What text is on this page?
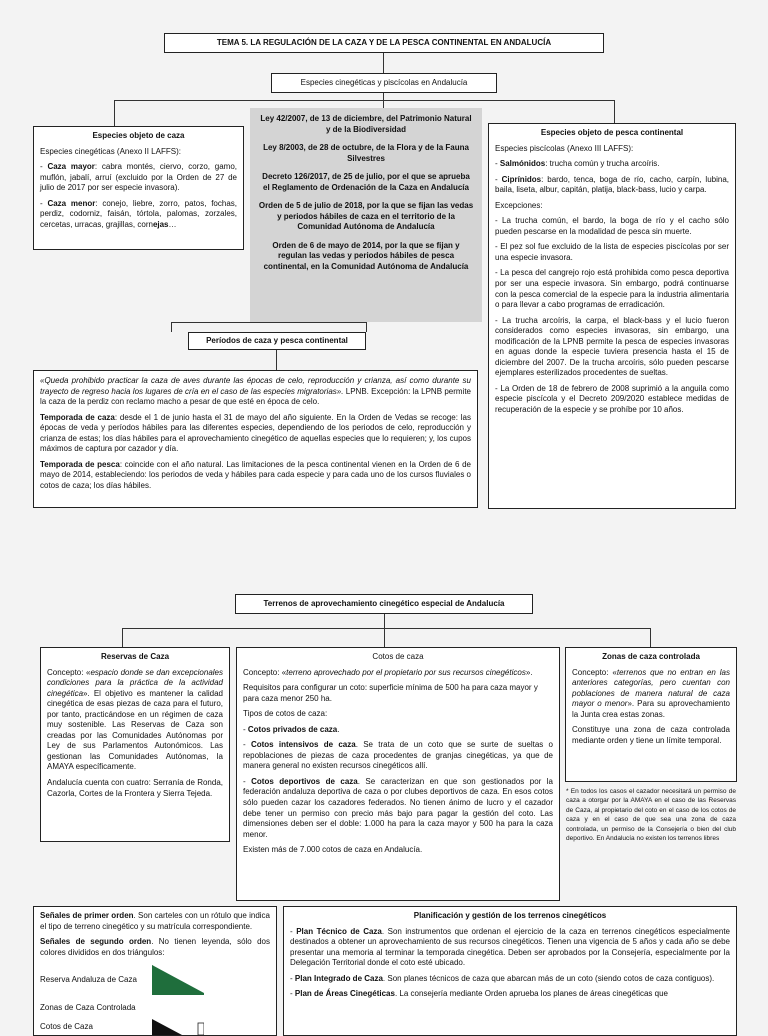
TEMA 5. LA REGULACIÓN DE LA CAZA Y DE LA PESCA CONTINENTAL EN ANDALUCÍA
Especies cinegéticas y piscícolas en Andalucía
Ley 42/2007, de 13 de diciembre, del Patrimonio Natural y de la Biodiversidad
Ley 8/2003, de 28 de octubre, de la Flora y de la Fauna Silvestres
Decreto 126/2017, de 25 de julio, por el que se aprueba el Reglamento de Ordenación de la Caza en Andalucía
Orden de 5 de julio de 2018, por la que se fijan las vedas y periodos hábiles de caza en el territorio de la Comunidad Autónoma de Andalucía
Orden de 6 de mayo de 2014, por la que se fijan y regulan las vedas y periodos hábiles de pesca continental, en la Comunidad Autónoma de Andalucía
Especies objeto de caza
Especies cinegéticas (Anexo II LAFFS):
- Caza mayor: cabra montés, ciervo, corzo, gamo, muflón, jabalí, arruí (excluido por la Orden de 27 de julio de 2017 por ser especie invasora).
- Caza menor: conejo, liebre, zorro, patos, fochas, perdiz, codorniz, faisán, tórtola, palomas, zorzales, cercetas, urracas, grajillas, cornejas…
Especies objeto de pesca continental
Especies piscícolas (Anexo III LAFFS):
- Salmónidos: trucha común y trucha arcoíris.
- Ciprínidos: bardo, tenca, boga de río, cacho, carpín, lubina, baila, liseta, albur, capitán, platija, black-bass, lucio y carpa.
Excepciones:
- La trucha común, el bardo, la boga de río y el cacho sólo pueden pescarse en la modalidad de pesca sin muerte.
- El pez sol fue excluido de la lista de especies piscícolas por ser una especie invasora.
- La pesca del cangrejo rojo está prohibida como pesca deportiva por ser una especie invasora. Sin embargo, podrá continuarse con la pesca comercial de la especie para la industria alimentaria o para llevar a cabo programas de erradicación.
- La trucha arcoíris, la carpa, el black-bass y el lucio fueron considerados como especies invasoras, sin embargo, una modificación de la LPNB permite la pesca de especies invasoras en aguas donde la especie tuviera presencia hasta el 15 de diciembre del 2007. De la trucha arcoíris, sólo pueden pescarse ejemplares esterilizados procedentes de sueltas.
- La Orden de 18 de febrero de 2008 suprimió a la anguila como especie piscícola y el Decreto 209/2020 establece medidas de recuperación de la especie y se prohíbe por 10 años.
Períodos de caza y pesca continental
«Queda prohibido practicar la caza de aves durante las épocas de celo, reproducción y crianza, así como durante su trayecto de regreso hacia los lugares de cría en el caso de las especies migratorias». LPNB. Excepción: la LPNB permite la caza de la perdiz con reclamo macho a pesar de que esté en época de celo.
Temporada de caza: desde el 1 de junio hasta el 31 de mayo del año siguiente. En la Orden de Vedas se recoge: las épocas de veda y períodos hábiles para las diferentes especies, dependiendo de los periodos de celo, reproducción y crianza de estas; los días hábiles para el aprovechamiento cinegético de aquellas especies que lo requieren; y, los cupos máximos de captura por cazador y día.
Temporada de pesca: coincide con el año natural. Las limitaciones de la pesca continental vienen en la Orden de 6 de mayo de 2014, estableciendo: los periodos de veda y hábiles para cada especie y para cada uno de los cursos fluviales o cotos de caza; los días hábiles.
Terrenos de aprovechamiento cinegético especial de Andalucía
Reservas de Caza
Concepto: «espacio donde se dan excepcionales condiciones para la práctica de la actividad cinegética». El objetivo es mantener la calidad cinegética de esas piezas de caza para el futuro, por tanto, practicándose en un régimen de caza muy sostenible. Las Reservas de Caza son creadas por las Comunidades Autónomas por Ley de sus Parlamentos Autonómicos. Las gestionan las Comunidades Autónomas, la AMAYA específicamente.
Andalucía cuenta con cuatro: Serranía de Ronda, Cazorla, Cortes de la Frontera y Sierra Tejeda.
Cotos de caza
Concepto: «terreno aprovechado por el propietario por sus recursos cinegéticos».
Requisitos para configurar un coto: superficie mínima de 500 ha para caza mayor y para caza menor 250 ha.
Tipos de cotos de caza:
- Cotos privados de caza.
- Cotos intensivos de caza. Se trata de un coto que se surte de sueltas o repoblaciones de piezas de caza procedentes de granjas cinegéticas, ya que de manera general no existen recursos cinegéticos allí.
- Cotos deportivos de caza. Se caracterizan en que son gestionados por la federación andaluza deportiva de caza o por clubes deportivos de caza. En esos cotos sólo pueden cazar los cazadores federados. No tienen ánimo de lucro y el cazador debe tener un permiso con precio más bajo para pagar la gestión del coto. Las dimensiones deben ser el doble: 1.000 ha para la caza mayor y 500 ha para la caza menor.
Existen más de 7.000 cotos de caza en Andalucía.
Zonas de caza controlada
Concepto: «terrenos que no entran en las anteriores categorías, pero cuentan con poblaciones de manera natural de caza mayor o menor». Para su aprovechamiento la Junta crea estas zonas.
Constituye una zona de caza controlada mediante orden y tiene un límite temporal.
* En todos los casos el cazador necesitará un permiso de caza a otorgar por la AMAYA en el caso de las Reservas de Caza, al propietario del coto en el caso de los cotos de caza y en el caso de que sea una zona de caza controlada, un permiso de la Consejería o bien del club deportivo. En Andalucía no existen los terrenos libres
Señales de primer orden. Son carteles con un rótulo que indica el tipo de terreno cinegético y su matrícula correspondiente.
Señales de segundo orden. No tienen leyenda, sólo dos colores divididos en dos triángulos:
Reserva Andaluza de Caza
Zonas de Caza Controlada
Cotos de Caza
Planificación y gestión de los terrenos cinegéticos
- Plan Técnico de Caza. Son instrumentos que ordenan el ejercicio de la caza en terrenos cinegéticos especialmente destinados a obtener un aprovechamiento de sus recursos cinegéticos. Tienen una vigencia de 5 años y cada año se debe presentar una memoria al terminar la temporada cinegética. Deben ser aprobados por la Consejería, especialmente por la Delegación Territorial donde el coto esté ubicado.
- Plan Integrado de Caza. Son planes técnicos de caza que abarcan más de un coto (siendo cotos de caza contiguos).
- Plan de Áreas Cinegéticas. La consejería mediante Orden aprueba los planes de áreas cinegéticas que
